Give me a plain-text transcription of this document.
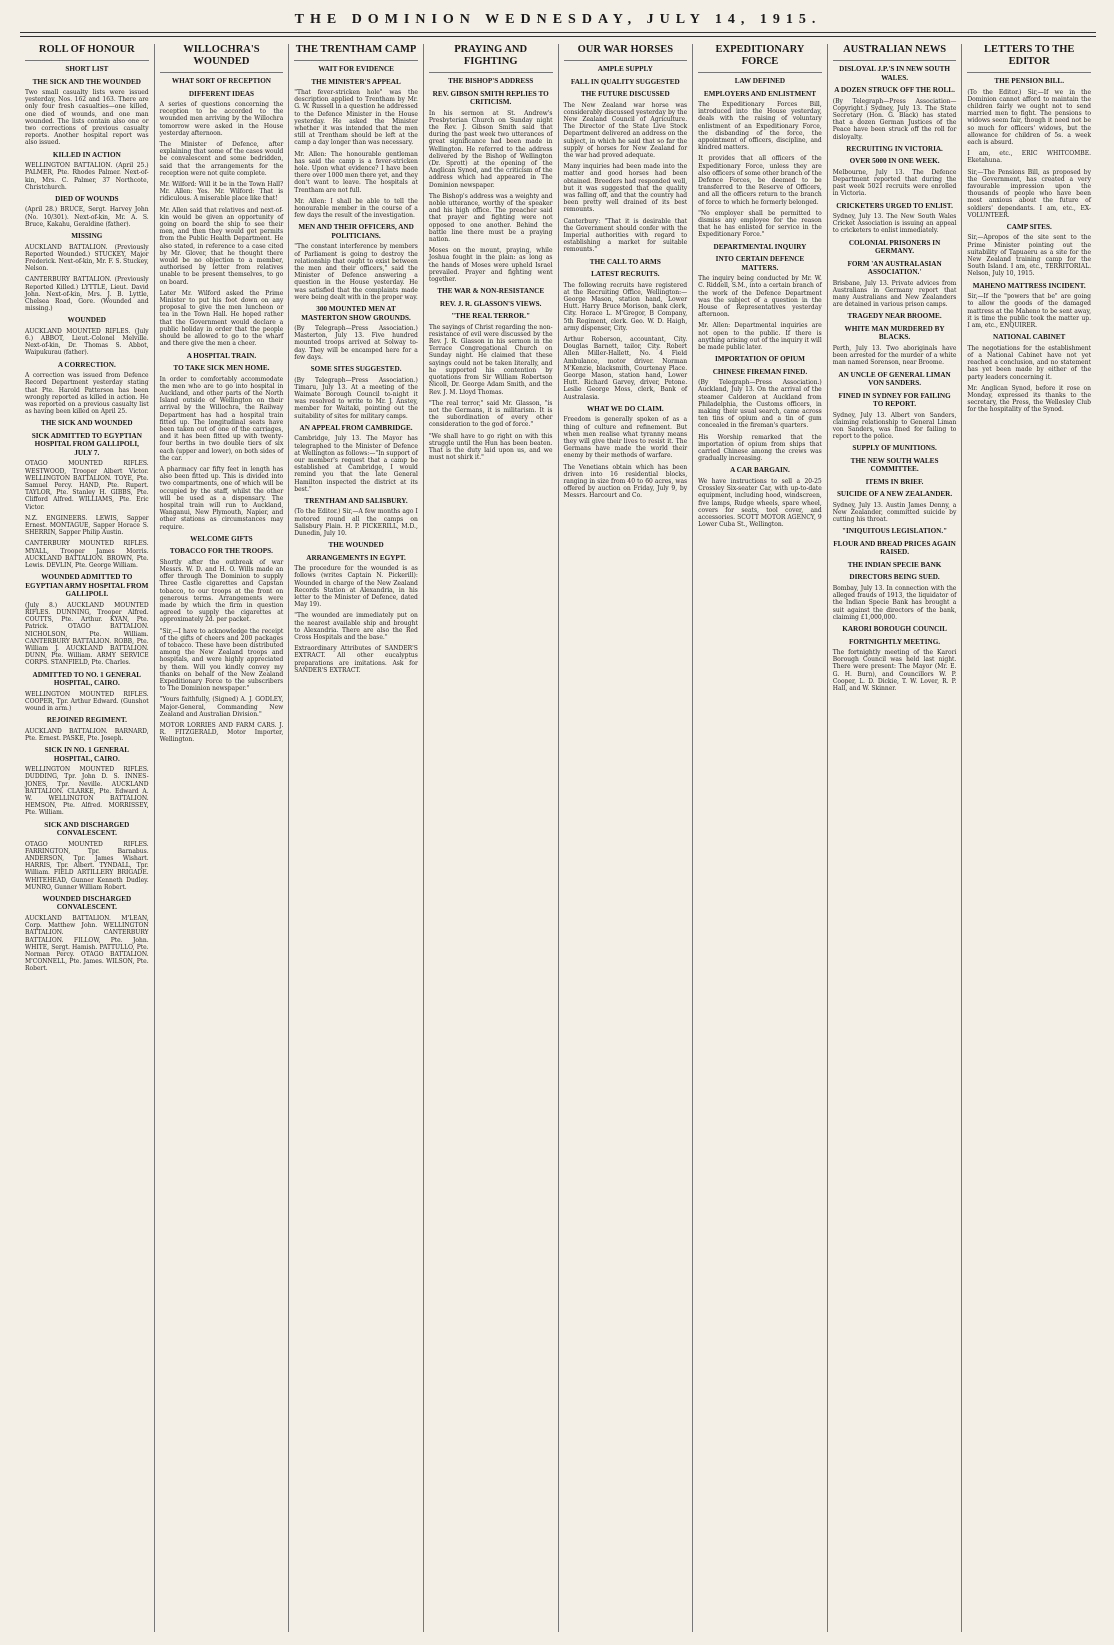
THE DOMINION WEDNESDAY, JULY 14, 1915.
ROLL OF HONOUR
SHORT LIST
THE SICK AND THE WOUNDED
Two small casualty lists were issued yesterday, Nos. 162 and 163. There are only four fresh casualties—one killed, one died of wounds, and one man wounded. The lists contain also one or two corrections of previous casualty reports. Another hospital report was also issued.
KILLED IN ACTION
WELLINGTON BATTALION. (April 25.) PALMER, Pte. Rhodes Palmer. Next-of-kin, Mrs. C. Palmer, 37 Northcote, Christchurch.
DIED OF WOUNDS
(April 28.) BRUCE, Sergt. Harvey John (No. 10/301). Next-of-kin, Mr. A. S. Bruce, Kakahu, Geraldine (father).
MISSING
AUCKLAND BATTALION. (Previously Reported Wounded.) STUCKEY, Major Frederick. Next-of-kin, Mr. F. S. Stuckey, Nelson.
CANTERBURY BATTALION. (Previously Reported Killed.) LYTTLE, Lieut. David John. Next-of-kin, Mrs. J. B. Lyttle, Chelsea Road, Gore. (Wounded and missing.)
WOUNDED
AUCKLAND MOUNTED RIFLES. (July 6.) ABBOT, Lieut.-Colonel Melville. Next-of-kin, Dr. Thomas S. Abbot, Waipukurau (father).
A CORRECTION.
A correction was issued from Defence Record Department yesterday stating that Pte. Harold Patterson has been wrongly reported as killed in action. He was reported on a previous casualty list as having been killed on April 25.
THE SICK AND WOUNDED
SICK ADMITTED TO EGYPTIAN HOSPITAL FROM GALLIPOLI, JULY 7.
OTAGO MOUNTED RIFLES. WESTWOOD, Trooper Albert Victor. WELLINGTON BATTALION. TOYE, Pte. Samuel Percy. HAND, Pte. Rupert. TAYLOR, Pte. Stanley H. GIBBS, Pte. Clifford Alfred. WILLIAMS, Pte. Eric Victor.
N.Z. ENGINEERS. LEWIS, Sapper Ernest. MONTAGUE, Sapper Horace S. SHERRIN, Sapper Philip Austin.
CANTERBURY MOUNTED RIFLES. MYALL, Trooper James Morris. AUCKLAND BATTALION. BROWN, Pte. Lewis. DEVLIN, Pte. George William.
WOUNDED ADMITTED TO EGYPTIAN ARMY HOSPITAL FROM GALLIPOLI.
(July 8.) AUCKLAND MOUNTED RIFLES. DUNNING, Trooper Alfred. COUTTS, Pte. Arthur. KYAN, Pte. Patrick. OTAGO BATTALION. NICHOLSON, Pte. William. CANTERBURY BATTALION. ROBB, Pte. William J. AUCKLAND BATTALION. DUNN, Pte. William. ARMY SERVICE CORPS. STANFIELD, Pte. Charles.
ADMITTED TO NO. 1 GENERAL HOSPITAL, CAIRO.
WELLINGTON MOUNTED RIFLES. COOPER, Tpr. Arthur Edward. (Gunshot wound in arm.)
REJOINED REGIMENT.
AUCKLAND BATTALION. BARNARD, Pte. Ernest. PASKE, Pte. Joseph.
SICK IN NO. 1 GENERAL HOSPITAL, CAIRO.
WELLINGTON MOUNTED RIFLES. DUDDING, Tpr. John D. S. INNES-JONES, Tpr. Neville. AUCKLAND BATTALION. CLARKE, Pte. Edward A. W. WELLINGTON BATTALION. HEMSON, Pte. Alfred. MORRISSEY, Pte. William.
SICK AND DISCHARGED CONVALESCENT.
OTAGO MOUNTED RIFLES. FARRINGTON, Tpr. Barnabus. ANDERSON, Tpr. James Wishart. HARRIS, Tpr. Albert. TYNDALL, Tpr. William. FIELD ARTILLERY BRIGADE. WHITEHEAD, Gunner Kenneth Dudley. MUNRO, Gunner William Robert.
WOUNDED DISCHARGED CONVALESCENT.
AUCKLAND BATTALION. M'LEAN, Corp. Matthew John. WELLINGTON BATTALION. CANTERBURY BATTALION. FILLOW, Pte. John. WHITE, Sergt. Hamish. PATTULLO, Pte. Norman Percy. OTAGO BATTALION. M'CONNELL, Pte. James. WILSON, Pte. Robert.
WILLOCHRA'S WOUNDED
WHAT SORT OF RECEPTION
DIFFERENT IDEAS
A series of questions concerning the reception to be accorded to the wounded men arriving by the Willochra tomorrow were asked in the House yesterday afternoon.
The Minister of Defence, after explaining that some of the cases would be convalescent and some bedridden, said that the arrangements for the reception were not quite complete.
Mr. Wilford: Will it be in the Town Hall? Mr. Allen: Yes. Mr. Wilford: That is ridiculous. A miserable place like that!
Mr. Allen said that relatives and next-of-kin would be given an opportunity of going on board the ship to see their men, and then they would get permits from the Public Health Department. He also stated, in reference to a case cited by Mr. Glover, that he thought there would be no objection to a member, authorised by letter from relatives unable to be present themselves, to go on board.
Later Mr. Wilford asked the Prime Minister to put his foot down on any proposal to give the men luncheon or tea in the Town Hall. He hoped rather that the Government would declare a public holiday in order that the people should be allowed to go to the wharf and there give the men a cheer.
A HOSPITAL TRAIN.
TO TAKE SICK MEN HOME.
In order to comfortably accommodate the men who are to go into hospital in Auckland, and other parts of the North Island outside of Wellington on their arrival by the Willochra, the Railway Department has had a hospital train fitted up. The longitudinal seats have been taken out of one of the carriages, and it has been fitted up with twenty-four berths in two double tiers of six each (upper and lower), on both sides of the car.
A pharmacy car fifty feet in length has also been fitted up. This is divided into two compartments, one of which will be occupied by the staff, whilst the other will be used as a dispensary. The hospital train will run to Auckland, Wanganui, New Plymouth, Napier, and other stations as circumstances may require.
WELCOME GIFTS
TOBACCO FOR THE TROOPS.
Shortly after the outbreak of war Messrs. W. D. and H. O. Wills made an offer through The Dominion to supply Three Castle cigarettes and Capstan tobacco, to our troops at the front on generous terms. Arrangements were made by which the firm in question agreed to supply the cigarettes at approximately 2d. per packet.
"Sir,—I have to acknowledge the receipt of the gifts of cheers and 200 packages of tobacco. These have been distributed among the New Zealand troops and hospitals, and were highly appreciated by them. Will you kindly convey my thanks on behalf of the New Zealand Expeditionary Force to the subscribers to The Dominion newspaper."
"Yours faithfully, (Signed) A. J. GODLEY, Major-General, Commanding New Zealand and Australian Division."
MOTOR LORRIES AND FARM CARS. J. R. FITZGERALD, Motor Importer, Wellington.
THE TRENTHAM CAMP
WAIT FOR EVIDENCE
THE MINISTER'S APPEAL
"That fever-stricken hole" was the description applied to Trentham by Mr. G. W. Russell in a question he addressed to the Defence Minister in the House yesterday. He asked the Minister whether it was intended that the men still at Trentham should be left at the camp a day longer than was necessary.
Mr. Allen: The honourable gentleman has said the camp is a fever-stricken hole. Upon what evidence? I have been there over 1000 men there yet, and they don't want to leave. The hospitals at Trentham are not full.
Mr. Allen: I shall be able to tell the honourable member in the course of a few days the result of the investigation.
MEN AND THEIR OFFICERS, AND POLITICIANS.
"The constant interference by members of Parliament is going to destroy the relationship that ought to exist between the men and their officers," said the Minister of Defence answering a question in the House yesterday. He was satisfied that the complaints made were being dealt with in the proper way.
300 MOUNTED MEN AT MASTERTON SHOW GROUNDS.
(By Telegraph—Press Association.) Masterton, July 13. Five hundred mounted troops arrived at Solway to-day. They will be encamped here for a few days.
SOME SITES SUGGESTED.
(By Telegraph—Press Association.) Timaru, July 13. At a meeting of the Waimate Borough Council to-night it was resolved to write to Mr. J. Anstey, member for Waitaki, pointing out the suitability of sites for military camps.
AN APPEAL FROM CAMBRIDGE.
Cambridge, July 13. The Mayor has telegraphed to the Minister of Defence at Wellington as follows:—"In support of our member's request that a camp be established at Cambridge, I would remind you that the late General Hamilton inspected the district at its best."
TRENTHAM AND SALISBURY.
(To the Editor.) Sir,—A few months ago I motored round all the camps on Salisbury Plain. H. P. PICKERILL, M.D., Dunedin, July 10.
THE WOUNDED
ARRANGEMENTS IN EGYPT.
The procedure for the wounded is as follows (writes Captain N. Pickerill): Wounded in charge of the New Zealand Records Station at Alexandria, in his letter to the Minister of Defence, dated May 19).
"The wounded are immediately put on the nearest available ship and brought to Alexandria. There are also the Red Cross Hospitals and the base."
Extraordinary Attributes of SANDER'S EXTRACT. All other eucalyptus preparations are imitations. Ask for SANDER'S EXTRACT.
PRAYING AND FIGHTING
THE BISHOP'S ADDRESS
REV. GIBSON SMITH REPLIES TO CRITICISM.
In his sermon at St. Andrew's Presbyterian Church on Sunday night the Rev. J. Gibson Smith said that during the past week two utterances of great significance had been made in Wellington. He referred to the address delivered by the Bishop of Wellington (Dr. Sprott) at the opening of the Anglican Synod, and the criticism of the address which had appeared in The Dominion newspaper.
The Bishop's address was a weighty and noble utterance, worthy of the speaker and his high office. The preacher said that prayer and fighting were not opposed to one another. Behind the battle line there must be a praying nation.
Moses on the mount, praying, while Joshua fought in the plain: as long as the hands of Moses were upheld Israel prevailed. Prayer and fighting went together.
THE WAR & NON-RESISTANCE
REV. J. R. GLASSON'S VIEWS.
"THE REAL TERROR."
The sayings of Christ regarding the non-resistance of evil were discussed by the Rev. J. R. Glasson in his sermon in the Terrace Congregational Church on Sunday night. He claimed that these sayings could not be taken literally, and he supported his contention by quotations from Sir William Robertson Nicoll, Dr. George Adam Smith, and the Rev. J. M. Lloyd Thomas.
"The real terror," said Mr. Glasson, "is not the Germans, it is militarism. It is the subordination of every other consideration to the god of force."
"We shall have to go right on with this struggle until the Hun has been beaten. That is the duty laid upon us, and we must not shirk it."
OUR WAR HORSES
AMPLE SUPPLY
FALL IN QUALITY SUGGESTED
THE FUTURE DISCUSSED
The New Zealand war horse was considerably discussed yesterday by the New Zealand Council of Agriculture. The Director of the State Live Stock Department delivered an address on the subject, in which he said that so far the supply of horses for New Zealand for the war had proved adequate.
Many inquiries had been made into the matter and good horses had been obtained. Breeders had responded well, but it was suggested that the quality was falling off, and that the country had been pretty well drained of its best remounts.
Canterbury: "That it is desirable that the Government should confer with the Imperial authorities with regard to establishing a market for suitable remounts."
THE CALL TO ARMS
LATEST RECRUITS.
The following recruits have registered at the Recruiting Office, Wellington:—George Mason, station hand, Lower Hutt. Harry Bruce Morison, bank clerk, City. Horace L. M'Gregor, B Company, 5th Regiment, clerk. Geo. W. D. Haigh, army dispenser, City.
Arthur Roberson, accountant, City. Douglas Barnett, tailor, City. Robert Allen Miller-Hallett, No. 4 Field Ambulance, motor driver. Norman M'Kenzie, blacksmith, Courtenay Place. George Mason, station hand, Lower Hutt. Richard Garvey, driver, Petone. Leslie George Moss, clerk, Bank of Australasia.
WHAT WE DO CLAIM.
Freedom is generally spoken of as a thing of culture and refinement. But when men realise what tyranny means they will give their lives to resist it. The Germans have made the world their enemy by their methods of warfare.
The Venetians obtain which has been driven into 16 residential blocks, ranging in size from 40 to 60 acres, was offered by auction on Friday, July 9, by Messrs. Harcourt and Co.
EXPEDITIONARY FORCE
LAW DEFINED
EMPLOYERS AND ENLISTMENT
The Expeditionary Forces Bill, introduced into the House yesterday, deals with the raising of voluntary enlistment of an Expeditionary Force, the disbanding of the force, the appointment of officers, discipline, and kindred matters.
It provides that all officers of the Expeditionary Force, unless they are also officers of some other branch of the Defence Forces, be deemed to be transferred to the Reserve of Officers, and all the officers return to the branch of force to which he formerly belonged.
"No employer shall be permitted to dismiss any employee for the reason that he has enlisted for service in the Expeditionary Force."
DEPARTMENTAL INQUIRY
INTO CERTAIN DEFENCE MATTERS.
The inquiry being conducted by Mr. W. C. Riddell, S.M., into a certain branch of the work of the Defence Department was the subject of a question in the House of Representatives yesterday afternoon.
Mr. Allen: Departmental inquiries are not open to the public. If there is anything arising out of the inquiry it will be made public later.
IMPORTATION OF OPIUM
CHINESE FIREMAN FINED.
(By Telegraph—Press Association.) Auckland, July 13. On the arrival of the steamer Calderon at Auckland from Philadelphia, the Customs officers, in making their usual search, came across ten tins of opium and a tin of gum concealed in the fireman's quarters.
His Worship remarked that the importation of opium from ships that carried Chinese among the crews was gradually increasing.
A CAR BARGAIN.
We have instructions to sell a 20-25 Crossley Six-seater Car, with up-to-date equipment, including hood, windscreen, five lamps, Rudge wheels, spare wheel, covers for seats, tool cover, and accessories. SCOTT MOTOR AGENCY, 9 Lower Cuba St., Wellington.
AUSTRALIAN NEWS
DISLOYAL J.P.'S IN NEW SOUTH WALES.
A DOZEN STRUCK OFF THE ROLL.
(By Telegraph—Press Association—Copyright.) Sydney, July 13. The State Secretary (Hon. G. Black) has stated that a dozen German Justices of the Peace have been struck off the roll for disloyalty.
RECRUITING IN VICTORIA.
OVER 5000 IN ONE WEEK.
Melbourne, July 13. The Defence Department reported that during the past week 5021 recruits were enrolled in Victoria.
CRICKETERS URGED TO ENLIST.
Sydney, July 13. The New South Wales Cricket Association is issuing an appeal to cricketers to enlist immediately.
COLONIAL PRISONERS IN GERMANY.
FORM 'AN AUSTRALASIAN ASSOCIATION.'
Brisbane, July 13. Private advices from Australians in Germany report that many Australians and New Zealanders are detained in various prison camps.
TRAGEDY NEAR BROOME.
WHITE MAN MURDERED BY BLACKS.
Perth, July 13. Two aboriginals have been arrested for the murder of a white man named Sorenson, near Broome.
AN UNCLE OF GENERAL LIMAN VON SANDERS.
FINED IN SYDNEY FOR FAILING TO REPORT.
Sydney, July 13. Albert von Sanders, claiming relationship to General Liman von Sanders, was fined for failing to report to the police.
SUPPLY OF MUNITIONS.
THE NEW SOUTH WALES COMMITTEE.
ITEMS IN BRIEF.
SUICIDE OF A NEW ZEALANDER.
Sydney, July 13. Austin James Denny, a New Zealander, committed suicide by cutting his throat.
"INIQUITOUS LEGISLATION."
FLOUR AND BREAD PRICES AGAIN RAISED.
THE INDIAN SPECIE BANK
DIRECTORS BEING SUED.
Bombay, July 13. In connection with the alleged frauds of 1913, the liquidator of the Indian Specie Bank has brought a suit against the directors of the bank, claiming £1,000,000.
KARORI BOROUGH COUNCIL
FORTNIGHTLY MEETING.
The fortnightly meeting of the Karori Borough Council was held last night. There were present: The Mayor (Mr. E. G. H. Burn), and Councillors W. P. Cooper, L. D. Dickie, T. W. Lover, R. P. Hall, and W. Skinner.
LETTERS TO THE EDITOR
THE PENSION BILL.
(To the Editor.) Sir,—If we in the Dominion cannot afford to maintain the children fairly we ought not to send married men to fight. The pensions to widows seem fair, though it need not be so much for officers' widows, but the allowance for children of 5s. a week each is absurd.
I am, etc., ERIC WHITCOMBE. Eketahuna.
Sir,—The Pensions Bill, as proposed by the Government, has created a very favourable impression upon the thousands of people who have been most anxious about the future of soldiers' dependants. I am, etc., EX-VOLUNTEER.
CAMP SITES.
Sir,—Apropos of the site sent to the Prime Minister pointing out the suitability of Tapuaeru as a site for the New Zealand training camp for the South Island. I am, etc., TERRITORIAL. Nelson, July 10, 1915.
MAHENO MATTRESS INCIDENT.
Sir,—If the "powers that be" are going to allow the goods of the damaged mattress at the Maheno to be sent away, it is time the public took the matter up. I am, etc., ENQUIRER.
NATIONAL CABINET
The negotiations for the establishment of a National Cabinet have not yet reached a conclusion, and no statement has yet been made by either of the party leaders concerning it.
Mr. Anglican Synod, before it rose on Monday, expressed its thanks to the secretary, the Press, the Wellesley Club for the hospitality of the Synod.
